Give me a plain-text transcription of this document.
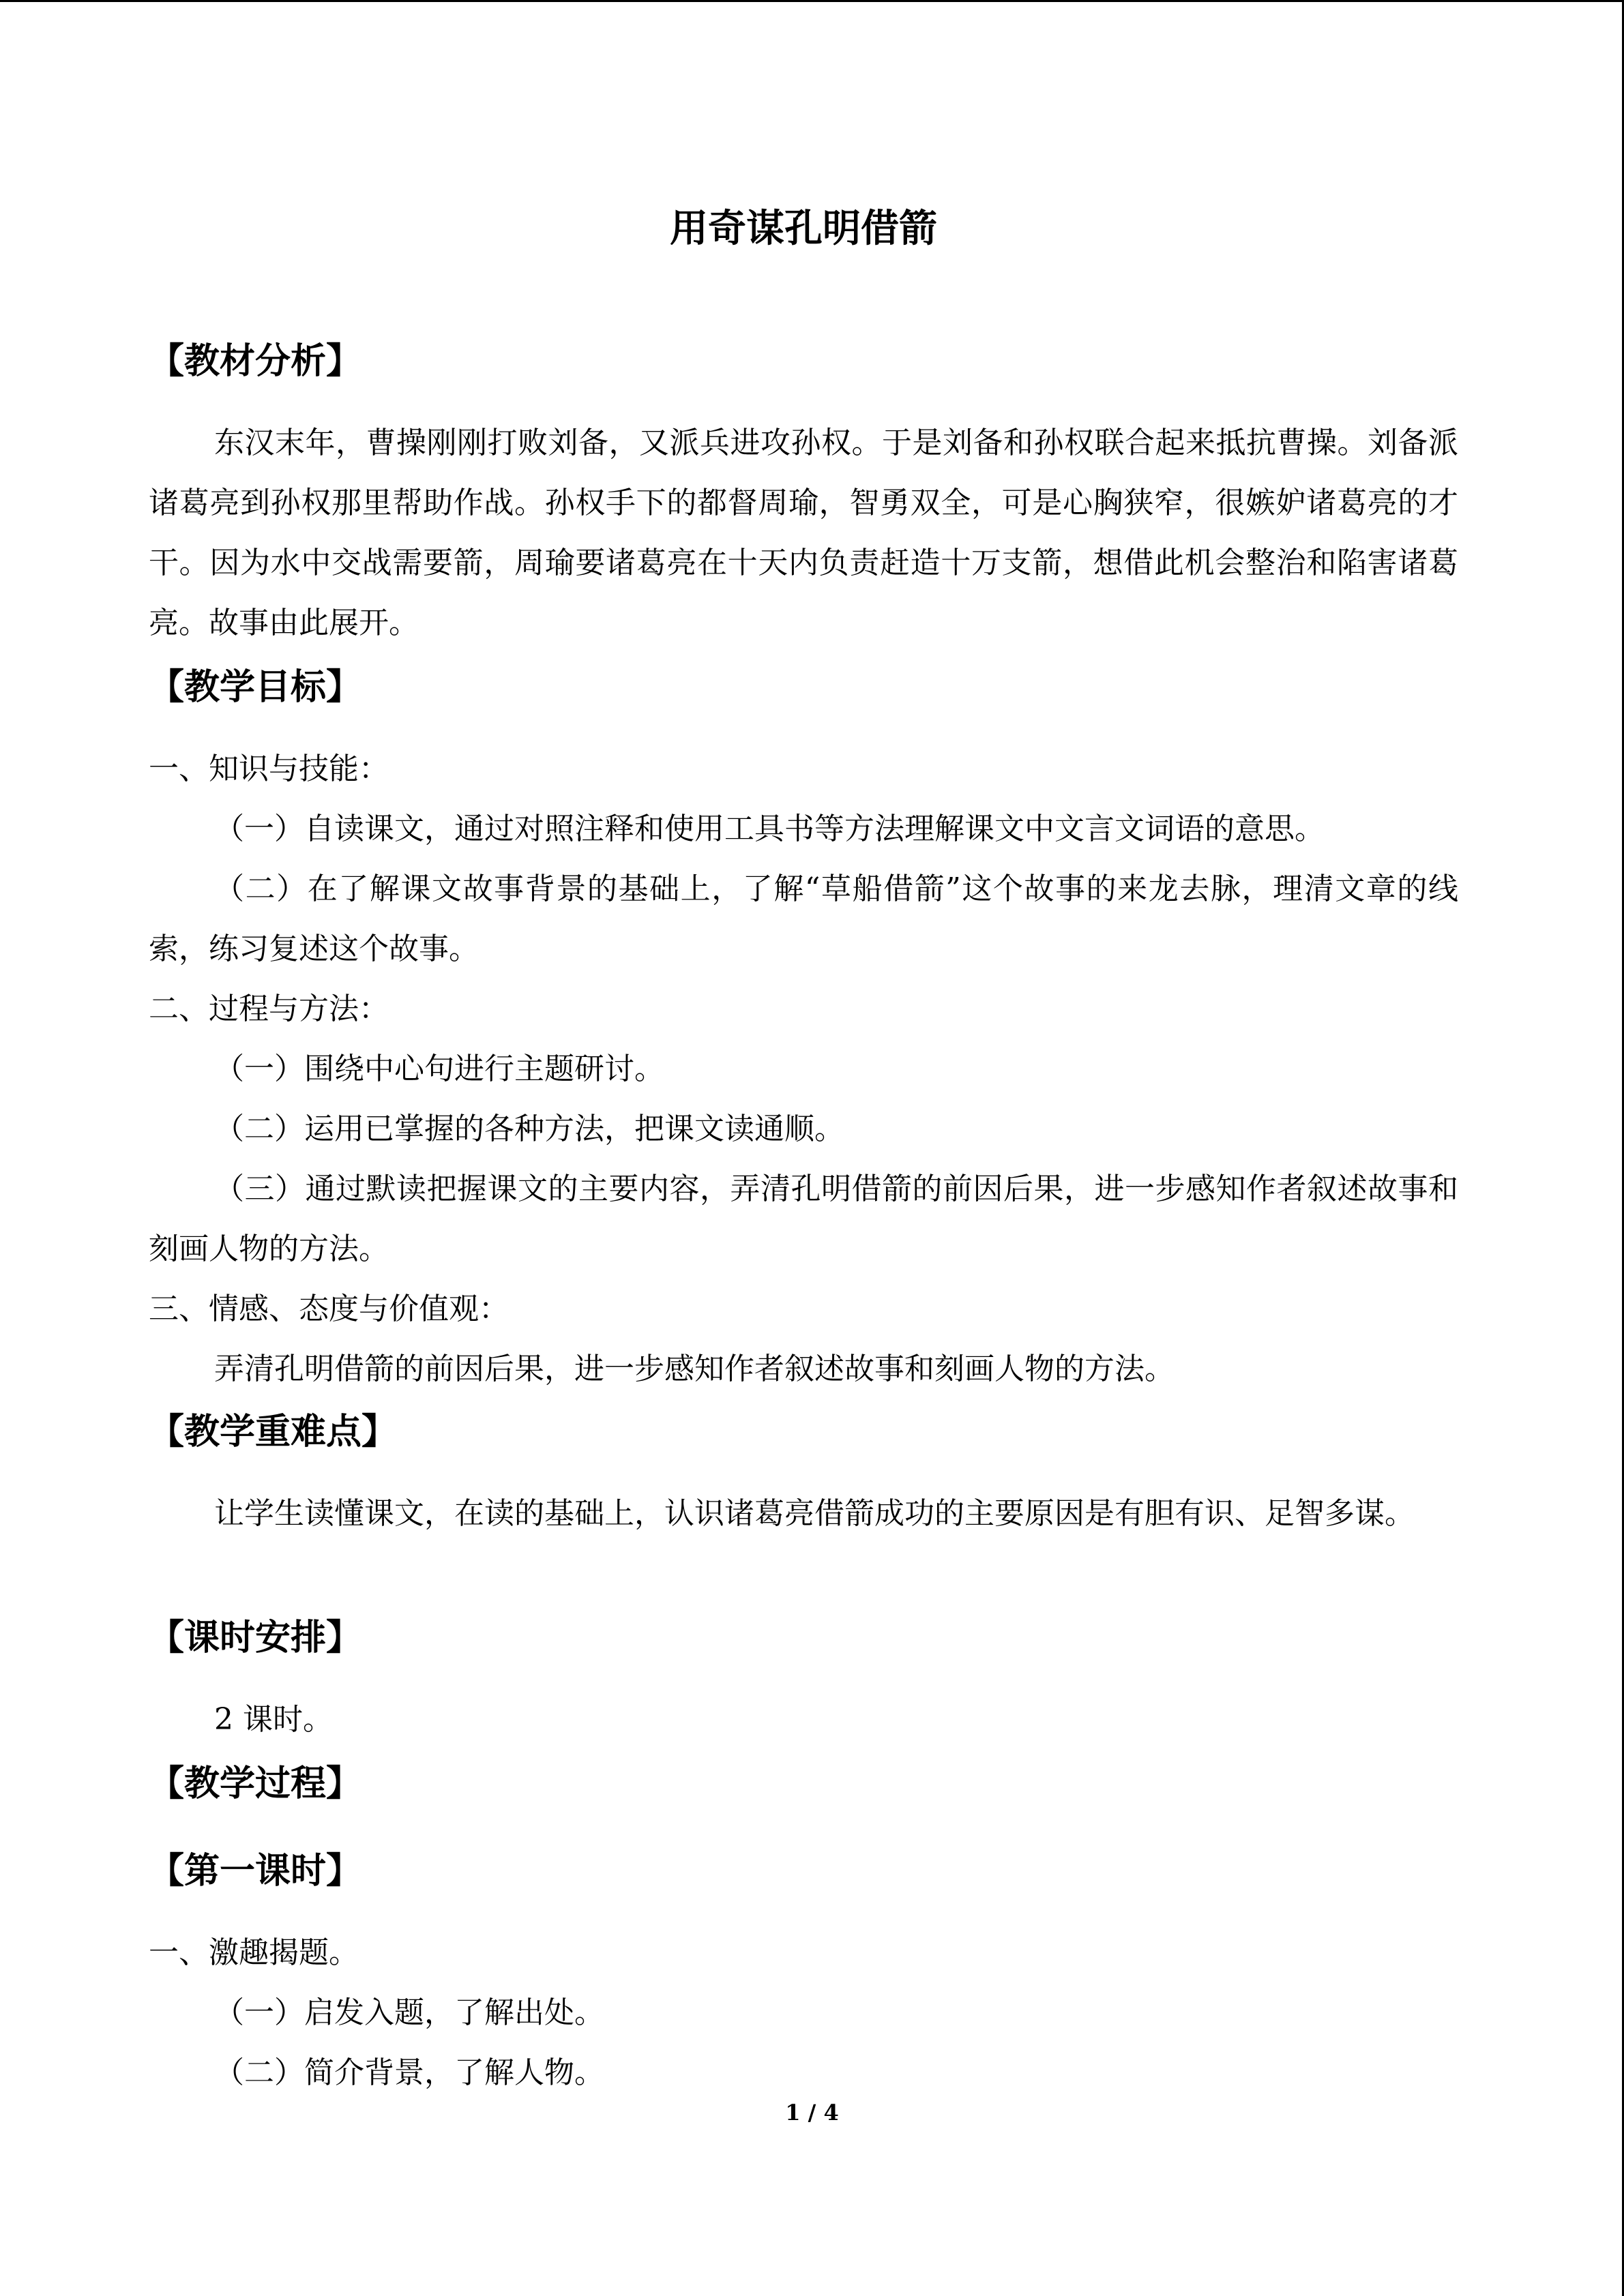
用奇谋孔明借箭
【教材分析】

东汉末年，曹操刚刚打败刘备，又派兵进攻孙权。于是刘备和孙权联合起来抵抗曹操。刘备派诸葛亮到孙权那里帮助作战。孙权手下的都督周瑜，智勇双全，可是心胸狭窄，很嫉妒诸葛亮的才干。因为水中交战需要箭，周瑜要诸葛亮在十天内负责赶造十万支箭，想借此机会整治和陷害诸葛亮。故事由此展开。

【教学目标】

一、知识与技能：

（一）自读课文，通过对照注释和使用工具书等方法理解课文中文言文词语的意思。

（二）在了解课文故事背景的基础上，了解“草船借箭”这个故事的来龙去脉，理清文章的线索，练习复述这个故事。

二、过程与方法：

（一）围绕中心句进行主题研讨。

（二）运用已掌握的各种方法，把课文读通顺。

（三）通过默读把握课文的主要内容，弄清孔明借箭的前因后果，进一步感知作者叙述故事和刻画人物的方法。

三、情感、态度与价值观：

弄清孔明借箭的前因后果，进一步感知作者叙述故事和刻画人物的方法。

【教学重难点】

让学生读懂课文，在读的基础上，认识诸葛亮借箭成功的主要原因是有胆有识、足智多谋。

【课时安排】

2 课时。

【教学过程】
【第一课时】

一、激趣揭题。

（一）启发入题，了解出处。

（二）简介背景，了解人物。

1 / 4
